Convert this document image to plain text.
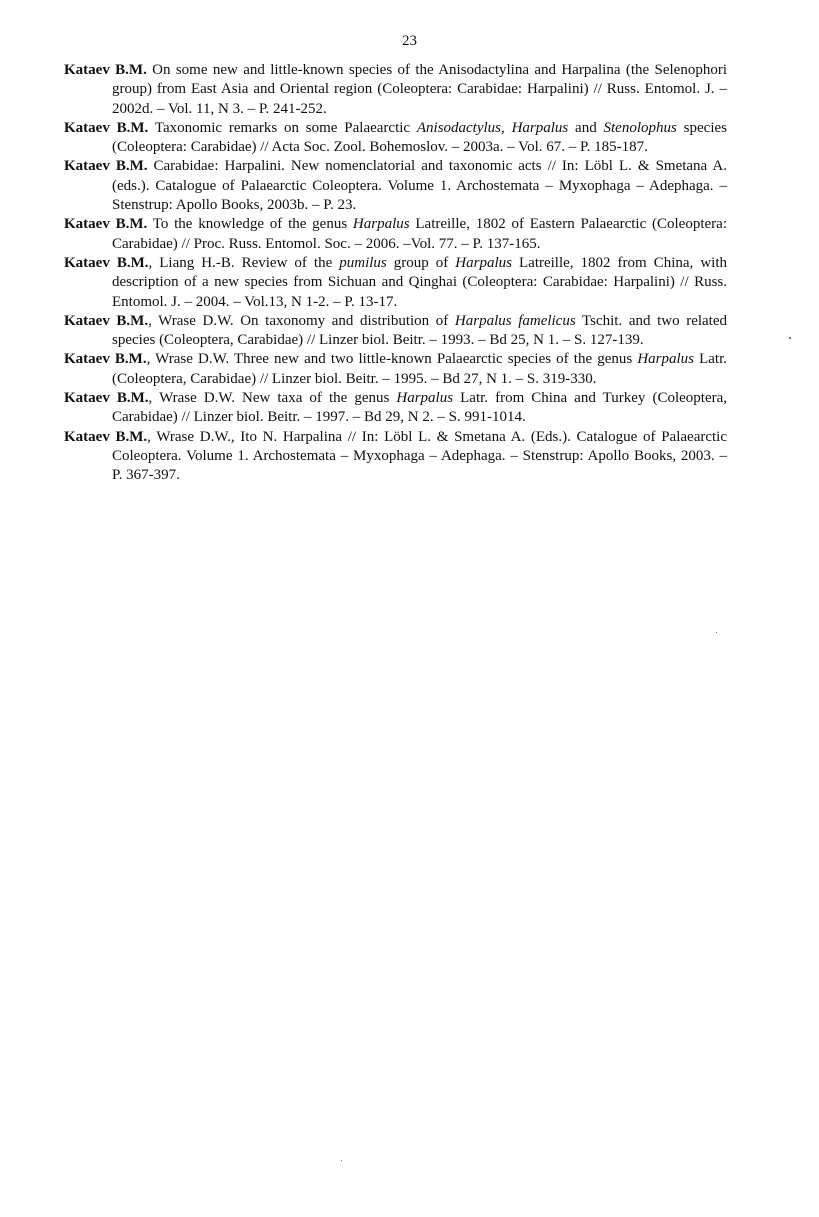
23

Kataev B.M. On some new and little-known species of the Anisodactylina and Harpalina (the Selenophori group) from East Asia and Oriental region (Coleoptera: Carabidae: Harpalini) // Russ. Entomol. J. – 2002d. – Vol. 11, N 3. – P. 241-252.

Kataev B.M. Taxonomic remarks on some Palaearctic Anisodactylus, Harpalus and Stenolophus species (Coleoptera: Carabidae) // Acta Soc. Zool. Bohemoslov. – 2003a. – Vol. 67. – P. 185-187.

Kataev B.M. Carabidae: Harpalini. New nomenclatorial and taxonomic acts // In: Löbl L. & Smetana A. (eds.). Catalogue of Palaearctic Coleoptera. Volume 1. Archostemata – Myxophaga – Adephaga. – Stenstrup: Apollo Books, 2003b. – P. 23.

Kataev B.M. To the knowledge of the genus Harpalus Latreille, 1802 of Eastern Palaearctic (Coleoptera: Carabidae) // Proc. Russ. Entomol. Soc. – 2006. –Vol. 77. – P. 137-165.

Kataev B.M., Liang H.-B. Review of the pumilus group of Harpalus Latreille, 1802 from China, with description of a new species from Sichuan and Qinghai (Coleoptera: Carabidae: Harpalini) // Russ. Entomol. J. – 2004. – Vol.13, N 1-2. – P. 13-17.

Kataev B.M., Wrase D.W. On taxonomy and distribution of Harpalus famelicus Tschit. and two related species (Coleoptera, Carabidae) // Linzer biol. Beitr. – 1993. – Bd 25, N 1. – S. 127-139.

Kataev B.M., Wrase D.W. Three new and two little-known Palaearctic species of the genus Harpalus Latr. (Coleoptera, Carabidae) // Linzer biol. Beitr. – 1995. – Bd 27, N 1. – S. 319-330.

Kataev B.M., Wrase D.W. New taxa of the genus Harpalus Latr. from China and Turkey (Coleoptera, Carabidae) // Linzer biol. Beitr. – 1997. – Bd 29, N 2. – S. 991-1014.

Kataev B.M., Wrase D.W., Ito N. Harpalina // In: Löbl L. & Smetana A. (Eds.). Catalogue of Palaearctic Coleoptera. Volume 1. Archostemata – Myxophaga – Adephaga. – Stenstrup: Apollo Books, 2003. – P. 367-397.
